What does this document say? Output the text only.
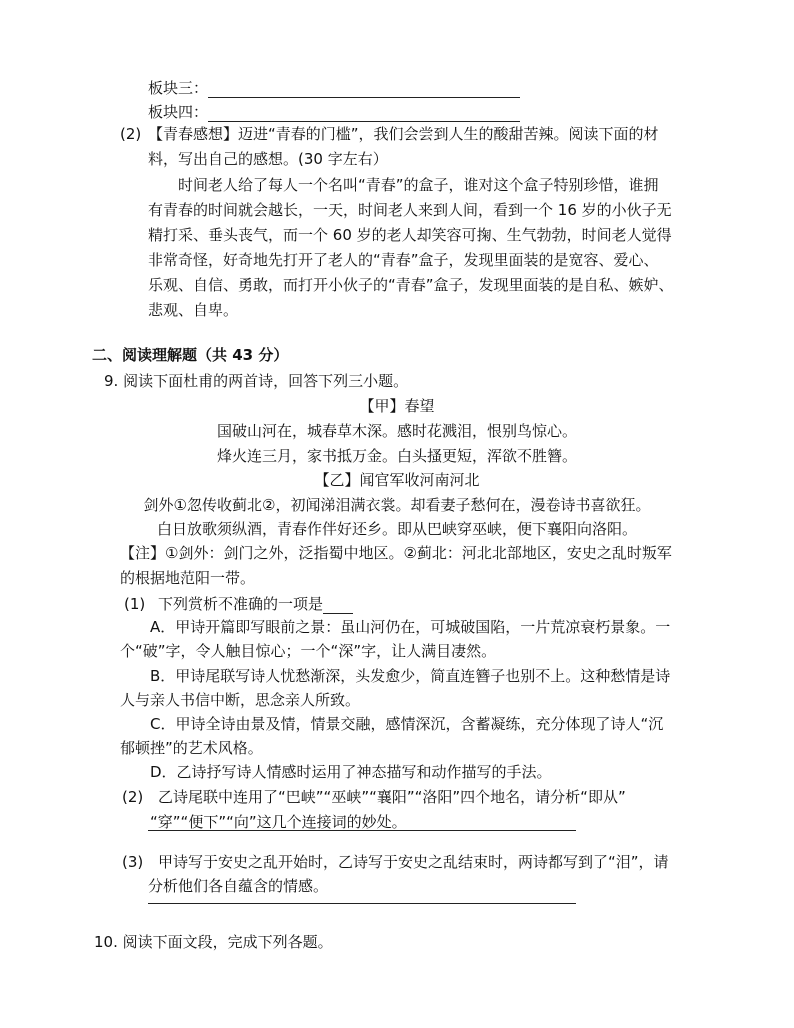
板块三：
板块四：
(2) 【青春感想】迈进“青春的门槛”，我们会尝到人生的酸甜苦辣。阅读下面的材
料，写出自己的感想。(30 字左右）
时间老人给了每人一个名叫“青春”的盒子，谁对这个盒子特别珍惜，谁拥
有青春的时间就会越长，一天，时间老人来到人间，看到一个 16 岁的小伙子无
精打采、垂头丧气，而一个 60 岁的老人却笑容可掬、生气勃勃，时间老人觉得
非常奇怪，好奇地先打开了老人的“青春”盒子，发现里面装的是宽容、爱心、
乐观、自信、勇敢，而打开小伙子的“青春”盒子，发现里面装的是自私、嫉妒、
悲观、自卑。
二、阅读理解题（共 43 分）
9. 阅读下面杜甫的两首诗，回答下列三小题。
【甲】春望
国破山河在，城春草木深。感时花溅泪，恨别鸟惊心。
烽火连三月，家书抵万金。白头搔更短，浑欲不胜簪。
【乙】闻官军收河南河北
剑外①忽传收蓟北②，初闻涕泪满衣裳。却看妻子愁何在，漫卷诗书喜欲狂。
白日放歌须纵酒，青春作伴好还乡。即从巴峡穿巫峡，便下襄阳向洛阳。
【注】①剑外：剑门之外，泛指蜀中地区。②蓟北：河北北部地区，安史之乱时叛军
的根据地范阳一带。
(1) 下列赏析不准确的一项是
A．甲诗开篇即写眼前之景：虽山河仍在，可城破国陷，一片荒凉衰朽景象。一
个“破”字，令人触目惊心；一个“深”字，让人满目凄然。
B．甲诗尾联写诗人忧愁渐深，头发愈少，简直连簪子也别不上。这种愁情是诗
人与亲人书信中断，思念亲人所致。
C．甲诗全诗由景及情，情景交融，感情深沉，含蓄凝练，充分体现了诗人“沉
郁顿挫”的艺术风格。
D．乙诗抒写诗人情感时运用了神态描写和动作描写的手法。
(2) 乙诗尾联中连用了“巴峡”“巫峡”“襄阳”“洛阳”四个地名，请分析“即从”
“穿”“便下”“向”这几个连接词的妙处。
(3) 甲诗写于安史之乱开始时，乙诗写于安史之乱结束时，两诗都写到了“泪”，请
分析他们各自蕴含的情感。
10. 阅读下面文段，完成下列各题。
